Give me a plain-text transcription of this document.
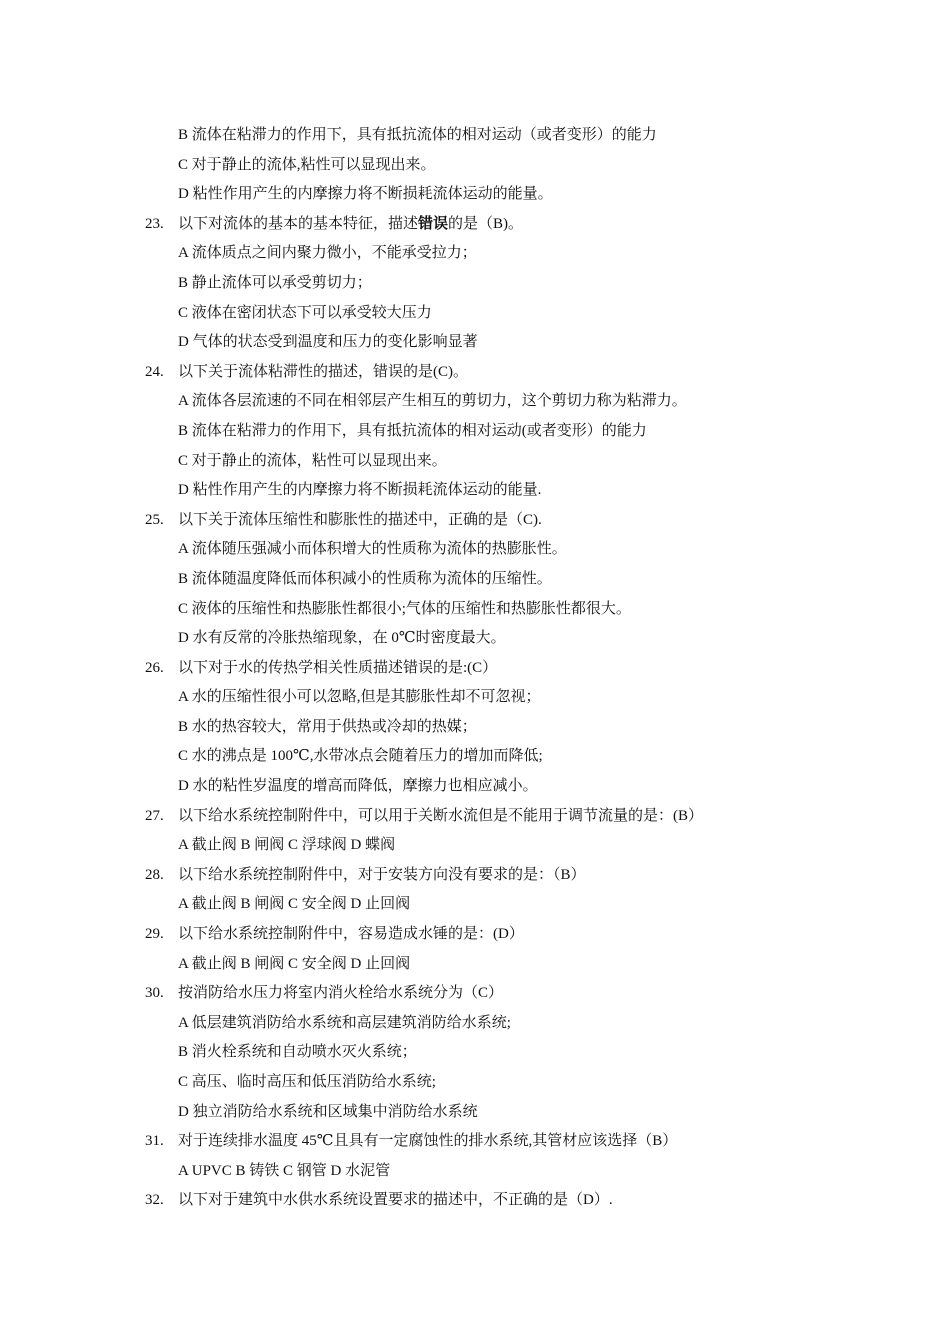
B 流体在粘滞力的作用下，具有抵抗流体的相对运动（或者变形）的能力
C 对于静止的流体,粘性可以显现出来。
D 粘性作用产生的内摩擦力将不断损耗流体运动的能量。
23. 以下对流体的基本的基本特征，描述错误的是（B)。
A 流体质点之间内聚力微小，不能承受拉力；
B 静止流体可以承受剪切力；
C 液体在密闭状态下可以承受较大压力
D 气体的状态受到温度和压力的变化影响显著
24. 以下关于流体粘滞性的描述，错误的是(C)。
A 流体各层流速的不同在相邻层产生相互的剪切力，这个剪切力称为粘滞力。
B 流体在粘滞力的作用下，具有抵抗流体的相对运动(或者变形）的能力
C 对于静止的流体，粘性可以显现出来。
D 粘性作用产生的内摩擦力将不断损耗流体运动的能量.
25. 以下关于流体压缩性和膨胀性的描述中，正确的是（C).
A 流体随压强减小而体积增大的性质称为流体的热膨胀性。
B 流体随温度降低而体积减小的性质称为流体的压缩性。
C 液体的压缩性和热膨胀性都很小;气体的压缩性和热膨胀性都很大。
D 水有反常的冷胀热缩现象，在 0℃时密度最大。
26. 以下对于水的传热学相关性质描述错误的是:(C）
A 水的压缩性很小可以忽略,但是其膨胀性却不可忽视；
B 水的热容较大，常用于供热或冷却的热媒；
C 水的沸点是 100℃,水带冰点会随着压力的增加而降低;
D 水的粘性岁温度的增高而降低，摩擦力也相应减小。
27. 以下给水系统控制附件中，可以用于关断水流但是不能用于调节流量的是：(B）
A 截止阀 B 闸阀 C 浮球阀 D 蝶阀
28. 以下给水系统控制附件中，对于安装方向没有要求的是：（B）
A 截止阀 B 闸阀 C 安全阀 D 止回阀
29. 以下给水系统控制附件中，容易造成水锤的是：(D）
A 截止阀 B 闸阀 C 安全阀 D 止回阀
30. 按消防给水压力将室内消火栓给水系统分为（C）
A 低层建筑消防给水系统和高层建筑消防给水系统;
B 消火栓系统和自动喷水灭火系统；
C 高压、临时高压和低压消防给水系统;
D 独立消防给水系统和区域集中消防给水系统
31. 对于连续排水温度 45℃且具有一定腐蚀性的排水系统,其管材应该选择（B）
A UPVC B 铸铁 C 钢管 D 水泥管
32. 以下对于建筑中水供水系统设置要求的描述中，不正确的是（D）.
